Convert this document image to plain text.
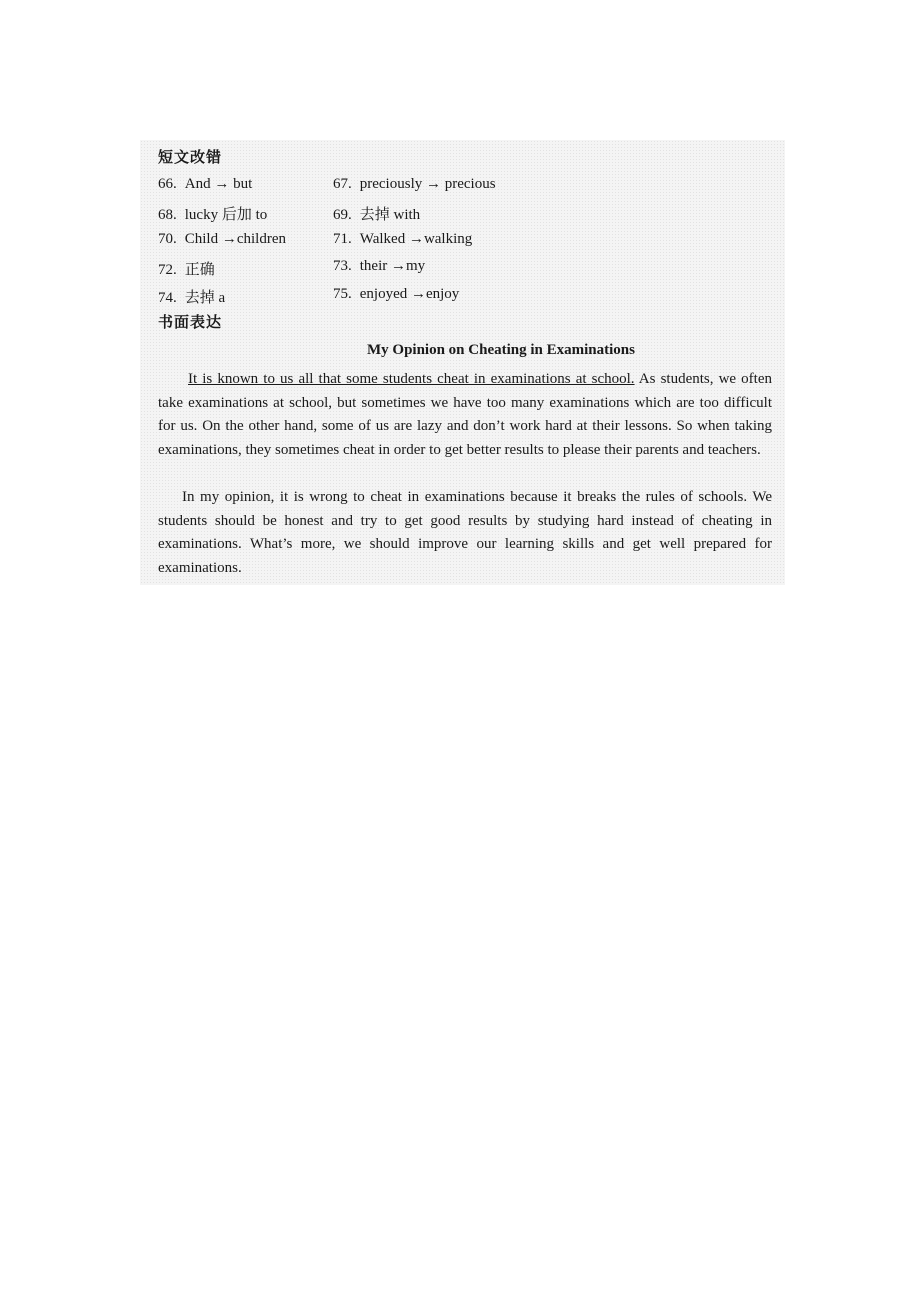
短文改错
66. And → but	67. preciously → precious
68. lucky 后加 to	69. 去掉 with
70. Child →children	71. Walked →walking
72. 正确	73. their →my
74. 去掉 a	75. enjoyed →enjoy
书面表达
My Opinion on Cheating in Examinations
It is known to us all that some students cheat in examinations at school. As students, we often take examinations at school, but sometimes we have too many examinations which are too difficult for us. On the other hand, some of us are lazy and don’t work hard at their lessons. So when taking examinations, they sometimes cheat in order to get better results to please their parents and teachers.
In my opinion, it is wrong to cheat in examinations because it breaks the rules of schools. We students should be honest and try to get good results by studying hard instead of cheating in examinations. What’s more, we should improve our learning skills and get well prepared for examinations.
